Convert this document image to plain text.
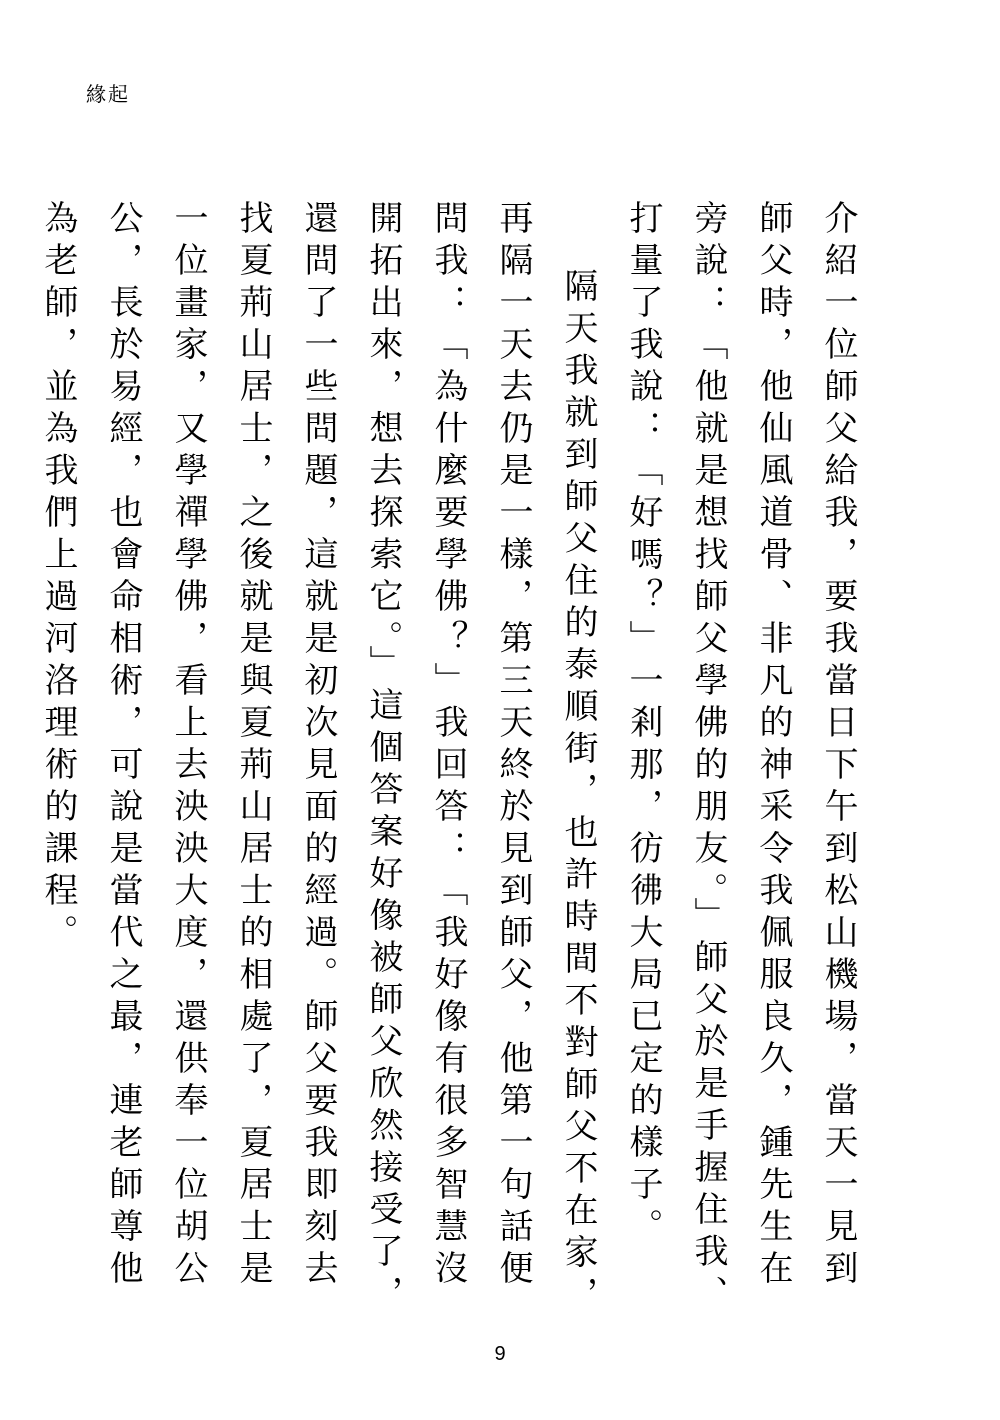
緣起

介紹一位師父給我，要我當日下午到松山機場，當天一見到師父時，他仙風道骨、非凡的神采令我佩服良久，鍾先生在旁說：「他就是想找師父學佛的朋友。」師父於是手握住我、打量了我說：「好嗎？」一剎那，彷彿大局已定的樣子。

隔天我就到師父住的泰順街，也許時間不對師父不在家，再隔一天去仍是一樣，第三天終於見到師父，他第一句話便問我：「為什麼要學佛？」我回答：「我好像有很多智慧沒開拓出來，想去探索它。」這個答案好像被師父欣然接受了，還問了一些問題，這就是初次見面的經過。師父要我即刻去找夏荊山居士，之後就是與夏荊山居士的相處了，夏居士是一位畫家，又學禪學佛，看上去泱泱大度，還供奉一位胡公公，長於易經，也會命相術，可說是當代之最，連老師尊他為老師，並為我們上過河洛理術的課程。

9
